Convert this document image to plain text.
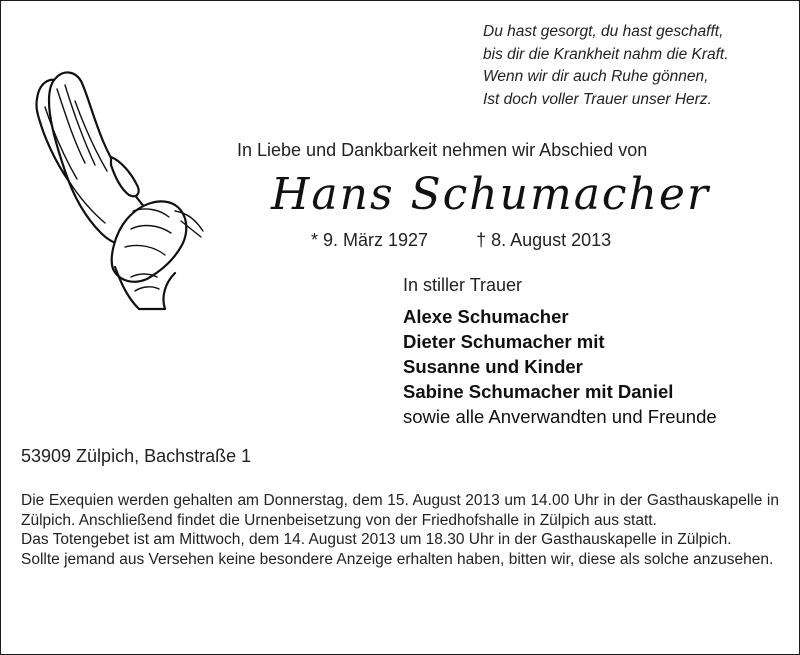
Du hast gesorgt, du hast geschafft,
bis dir die Krankheit nahm die Kraft.
Wenn wir dir auch Ruhe gönnen,
Ist doch voller Trauer unser Herz.
In Liebe und Dankbarkeit nehmen wir Abschied von
Hans Schumacher
* 9. März 1927	† 8. August 2013
In stiller Trauer
Alexe Schumacher
Dieter Schumacher mit
Susanne und Kinder
Sabine Schumacher mit Daniel
sowie alle Anverwandten und Freunde
53909 Zülpich, Bachstraße 1

Die Exequien werden gehalten am Donnerstag, dem 15. August 2013 um 14.00 Uhr in der Gasthauskapelle in Zülpich. Anschließend findet die Urnenbeisetzung von der Friedhofshalle in Zülpich aus statt.

Das Totengebet ist am Mittwoch, dem 14. August 2013 um 18.30 Uhr in der Gasthauskapelle in Zülpich.

Sollte jemand aus Versehen keine besondere Anzeige erhalten haben, bitten wir, diese als solche anzusehen.
